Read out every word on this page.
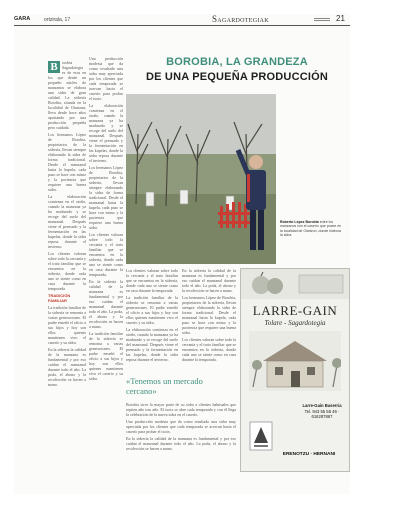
GARA	ortzirala, 17	Sagardotegiak	21
B	orobia Sagardotegia es de esos en los que desde un pequeño núcleo de manzanos se elabora una sidra de gran calidad. La sidrería Borobia, situada en la localidad de Oiartzun, lleva desde hace años apostando por una producción pequeña pero cuidada.

Los hermanos López de Borobia, propietarios de la sidrería, llevan siempre elaborando la sidra de forma tradicional. Desde el manzanal hasta la kupela, cada paso se hace con mimo y la paciencia que requiere una buena sidra.

La elaboración comienza en el otoño, cuando la manzana ya ha madurado y se recoge del suelo del manzanal. Después viene el prensado y la fermentación en las kupelas, donde la sidra reposa durante el invierno.

Los clientes valoran sobre todo la cercanía y el trato familiar que se encuentra en la sidrería, donde cada uno se siente como en casa durante la temporada.

TRADICIÓN FAMILIAR

La tradición familiar de la sidrería se remonta a varias generaciones. El padre enseñó el oficio a sus hijos y hoy son ellos quienes mantienen vivo el caserío y su sidra.

En la sidrería la calidad de la manzana es fundamental y por eso cuidan el manzanal durante todo el año. La poda, el abono y la recolección se hacen a mano.

Una producción modesta que da como resultado una sidra muy apreciada por los clientes que cada temporada se acercan hasta el caserío para probar el txotx.

La elaboración comienza en el otoño, cuando la manzana ya ha madurado y se recoge del suelo del manzanal. Después viene el prensado y la fermentación en las kupelas, donde la sidra reposa durante el invierno.

Los hermanos López de Borobia, propietarios de la sidrería, llevan siempre elaborando la sidra de forma tradicional. Desde el manzanal hasta la kupela, cada paso se hace con mimo y la paciencia que requiere una buena sidra.

Los clientes valoran sobre todo la cercanía y el trato familiar que se encuentra en la sidrería, donde cada uno se siente como en casa durante la temporada.

En la sidrería la calidad de la manzana es fundamental y por eso cuidan el manzanal durante todo el año. La poda, el abono y la recolección se hacen a mano.

La tradición familiar de la sidrería se remonta a varias generaciones. El padre enseñó el oficio a sus hijos y hoy son ellos quienes mantienen vivo el caserío y su sidra.

BOROBIA, LA GRANDEZA
DE UNA PEQUEÑA PRODUCCIÓN
Roberto López Borobia entre los manzanos con el caserío que posee en la localidad de Oiartzun, donde elabora la sidra.

Los clientes valoran sobre todo la cercanía y el trato familiar que se encuentra en la sidrería, donde cada uno se siente como en casa durante la temporada.

La tradición familiar de la sidrería se remonta a varias generaciones. El padre enseñó el oficio a sus hijos y hoy son ellos quienes mantienen vivo el caserío y su sidra.

La elaboración comienza en el otoño, cuando la manzana ya ha madurado y se recoge del suelo del manzanal. Después viene el prensado y la fermentación en las kupelas, donde la sidra reposa durante el invierno.

En la sidrería la calidad de la manzana es fundamental y por eso cuidan el manzanal durante todo el año. La poda, el abono y la recolección se hacen a mano.

Los hermanos López de Borobia, propietarios de la sidrería, llevan siempre elaborando la sidra de forma tradicional. Desde el manzanal hasta la kupela, cada paso se hace con mimo y la paciencia que requiere una buena sidra.

Los clientes valoran sobre todo la cercanía y el trato familiar que se encuentra en la sidrería, donde cada uno se siente como en casa durante la temporada.

«Tenemos un mercado cercano»

Borobia sirve la mayor parte de su sidra a clientes habituales que repiten año tras año. El txotx se abre cada temporada y con él llega la celebración de la nueva sidra en el caserío.

Una producción modesta que da como resultado una sidra muy apreciada por los clientes que cada temporada se acercan hasta el caserío para probar el txotx.

En la sidrería la calidad de la manzana es fundamental y por eso cuidan el manzanal durante todo el año. La poda, el abono y la recolección se hacen a mano.

LARRE-GAIN
Tolare - Sagardotegia
Larre-Gain Baserria
Tel. 943 55 58 46 · 616287867
ERENOTZU · HERNANI
